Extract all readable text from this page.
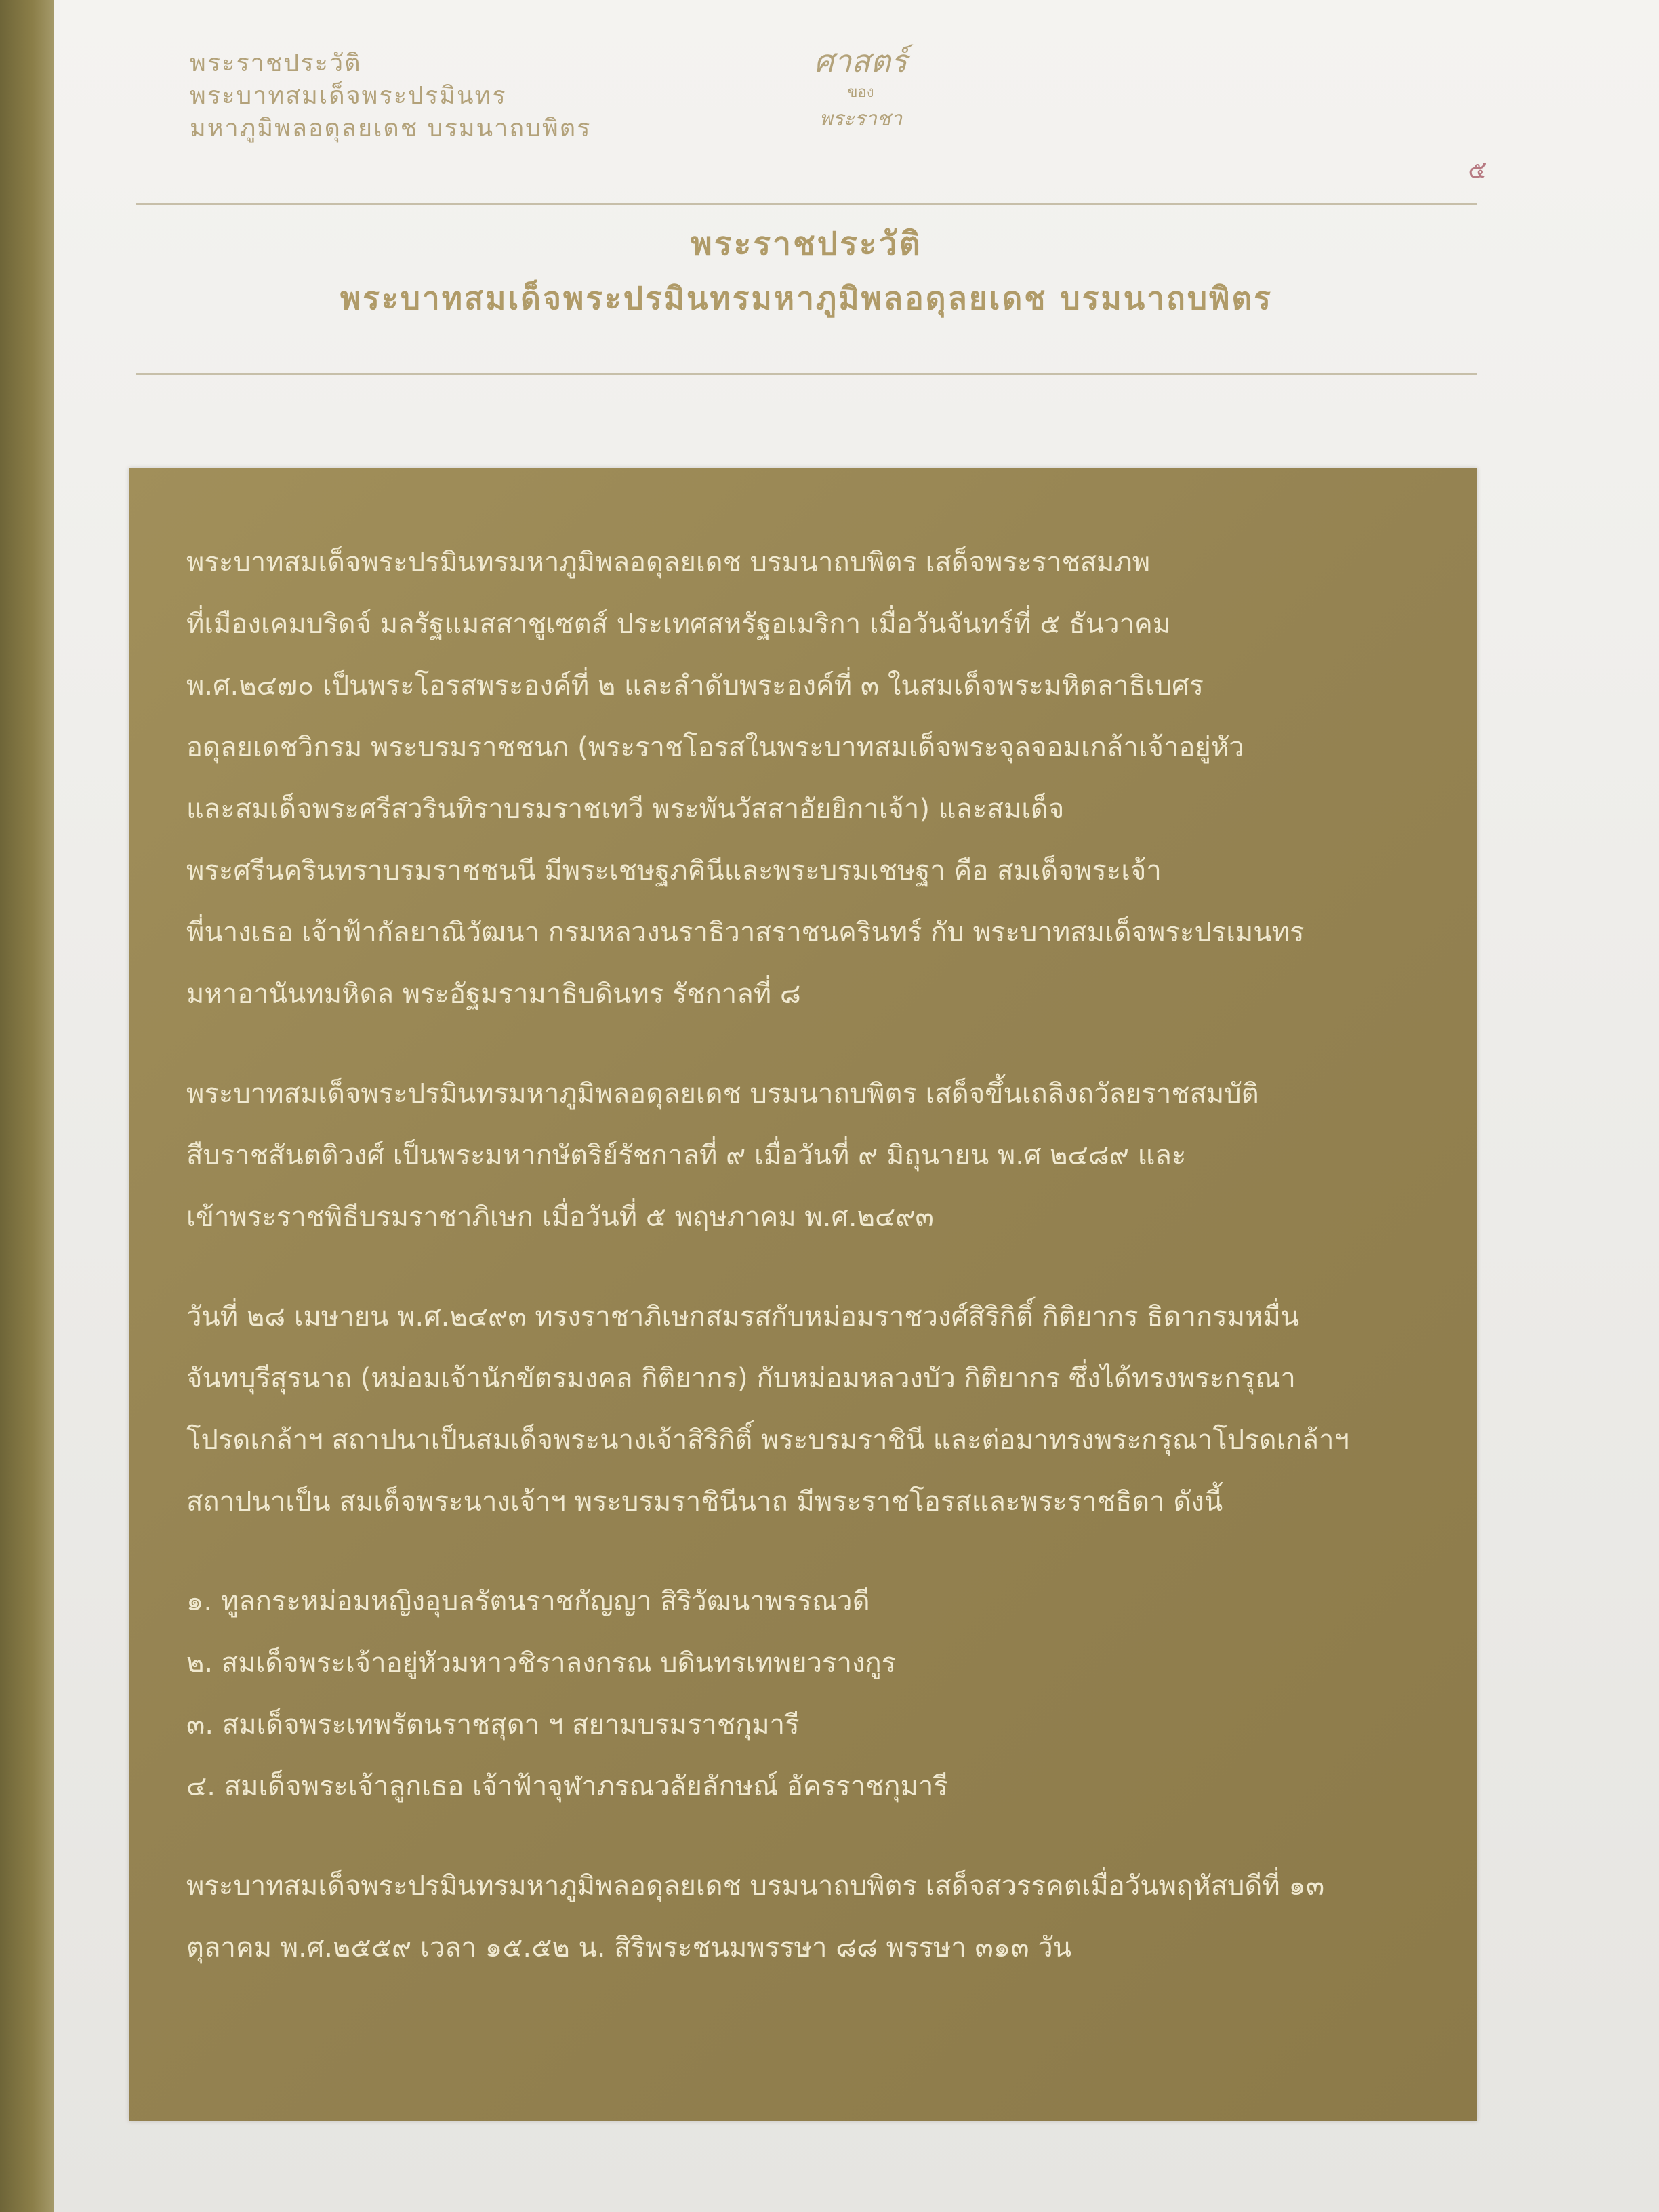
พระราชประวัติ
พระบาทสมเด็จพระปรมินทร
มหาภูมิพลอดุลยเดช บรมนาถบพิตร
ศาสตร์
ของ
พระราชา
๕
พระราชประวัติ
พระบาทสมเด็จพระปรมินทรมหาภูมิพลอดุลยเดช บรมนาถบพิตร
พระบาทสมเด็จพระปรมินทรมหาภูมิพลอดุลยเดช บรมนาถบพิตร เสด็จพระราชสมภพ
ที่เมืองเคมบริดจ์ มลรัฐแมสสาชูเซตส์ ประเทศสหรัฐอเมริกา เมื่อวันจันทร์ที่ ๕ ธันวาคม
พ.ศ.๒๔๗๐ เป็นพระโอรสพระองค์ที่ ๒ และลำดับพระองค์ที่ ๓ ในสมเด็จพระมหิตลาธิเบศร
อดุลยเดชวิกรม พระบรมราชชนก (พระราชโอรสในพระบาทสมเด็จพระจุลจอมเกล้าเจ้าอยู่หัว
และสมเด็จพระศรีสวรินทิราบรมราชเทวี พระพันวัสสาอัยยิกาเจ้า) และสมเด็จ
พระศรีนครินทราบรมราชชนนี มีพระเชษฐภคินีและพระบรมเชษฐา คือ สมเด็จพระเจ้า
พี่นางเธอ เจ้าฟ้ากัลยาณิวัฒนา กรมหลวงนราธิวาสราชนครินทร์ กับ พระบาทสมเด็จพระปรเมนทร
มหาอานันทมหิดล พระอัฐมรามาธิบดินทร รัชกาลที่ ๘
พระบาทสมเด็จพระปรมินทรมหาภูมิพลอดุลยเดช บรมนาถบพิตร เสด็จขึ้นเถลิงถวัลยราชสมบัติ
สืบราชสันตติวงศ์ เป็นพระมหากษัตริย์รัชกาลที่ ๙ เมื่อวันที่ ๙ มิถุนายน พ.ศ ๒๔๘๙ และ
เข้าพระราชพิธีบรมราชาภิเษก เมื่อวันที่ ๕ พฤษภาคม พ.ศ.๒๔๙๓
วันที่ ๒๘ เมษายน พ.ศ.๒๔๙๓ ทรงราชาภิเษกสมรสกับหม่อมราชวงศ์สิริกิติ์ กิติยากร ธิดากรมหมื่น
จันทบุรีสุรนาถ (หม่อมเจ้านักขัตรมงคล กิติยากร) กับหม่อมหลวงบัว กิติยากร ซึ่งได้ทรงพระกรุณา
โปรดเกล้าฯ สถาปนาเป็นสมเด็จพระนางเจ้าสิริกิติ์ พระบรมราชินี และต่อมาทรงพระกรุณาโปรดเกล้าฯ
สถาปนาเป็น สมเด็จพระนางเจ้าฯ พระบรมราชินีนาถ มีพระราชโอรสและพระราชธิดา ดังนี้
๑. ทูลกระหม่อมหญิงอุบลรัตนราชกัญญา สิริวัฒนาพรรณวดี
๒. สมเด็จพระเจ้าอยู่หัวมหาวชิราลงกรณ บดินทรเทพยวรางกูร
๓. สมเด็จพระเทพรัตนราชสุดา ฯ สยามบรมราชกุมารี
๔. สมเด็จพระเจ้าลูกเธอ เจ้าฟ้าจุฬาภรณวลัยลักษณ์ อัครราชกุมารี
พระบาทสมเด็จพระปรมินทรมหาภูมิพลอดุลยเดช บรมนาถบพิตร เสด็จสวรรคตเมื่อวันพฤหัสบดีที่ ๑๓
ตุลาคม พ.ศ.๒๕๕๙ เวลา ๑๕.๕๒ น. สิริพระชนมพรรษา ๘๘ พรรษา ๓๑๓ วัน
